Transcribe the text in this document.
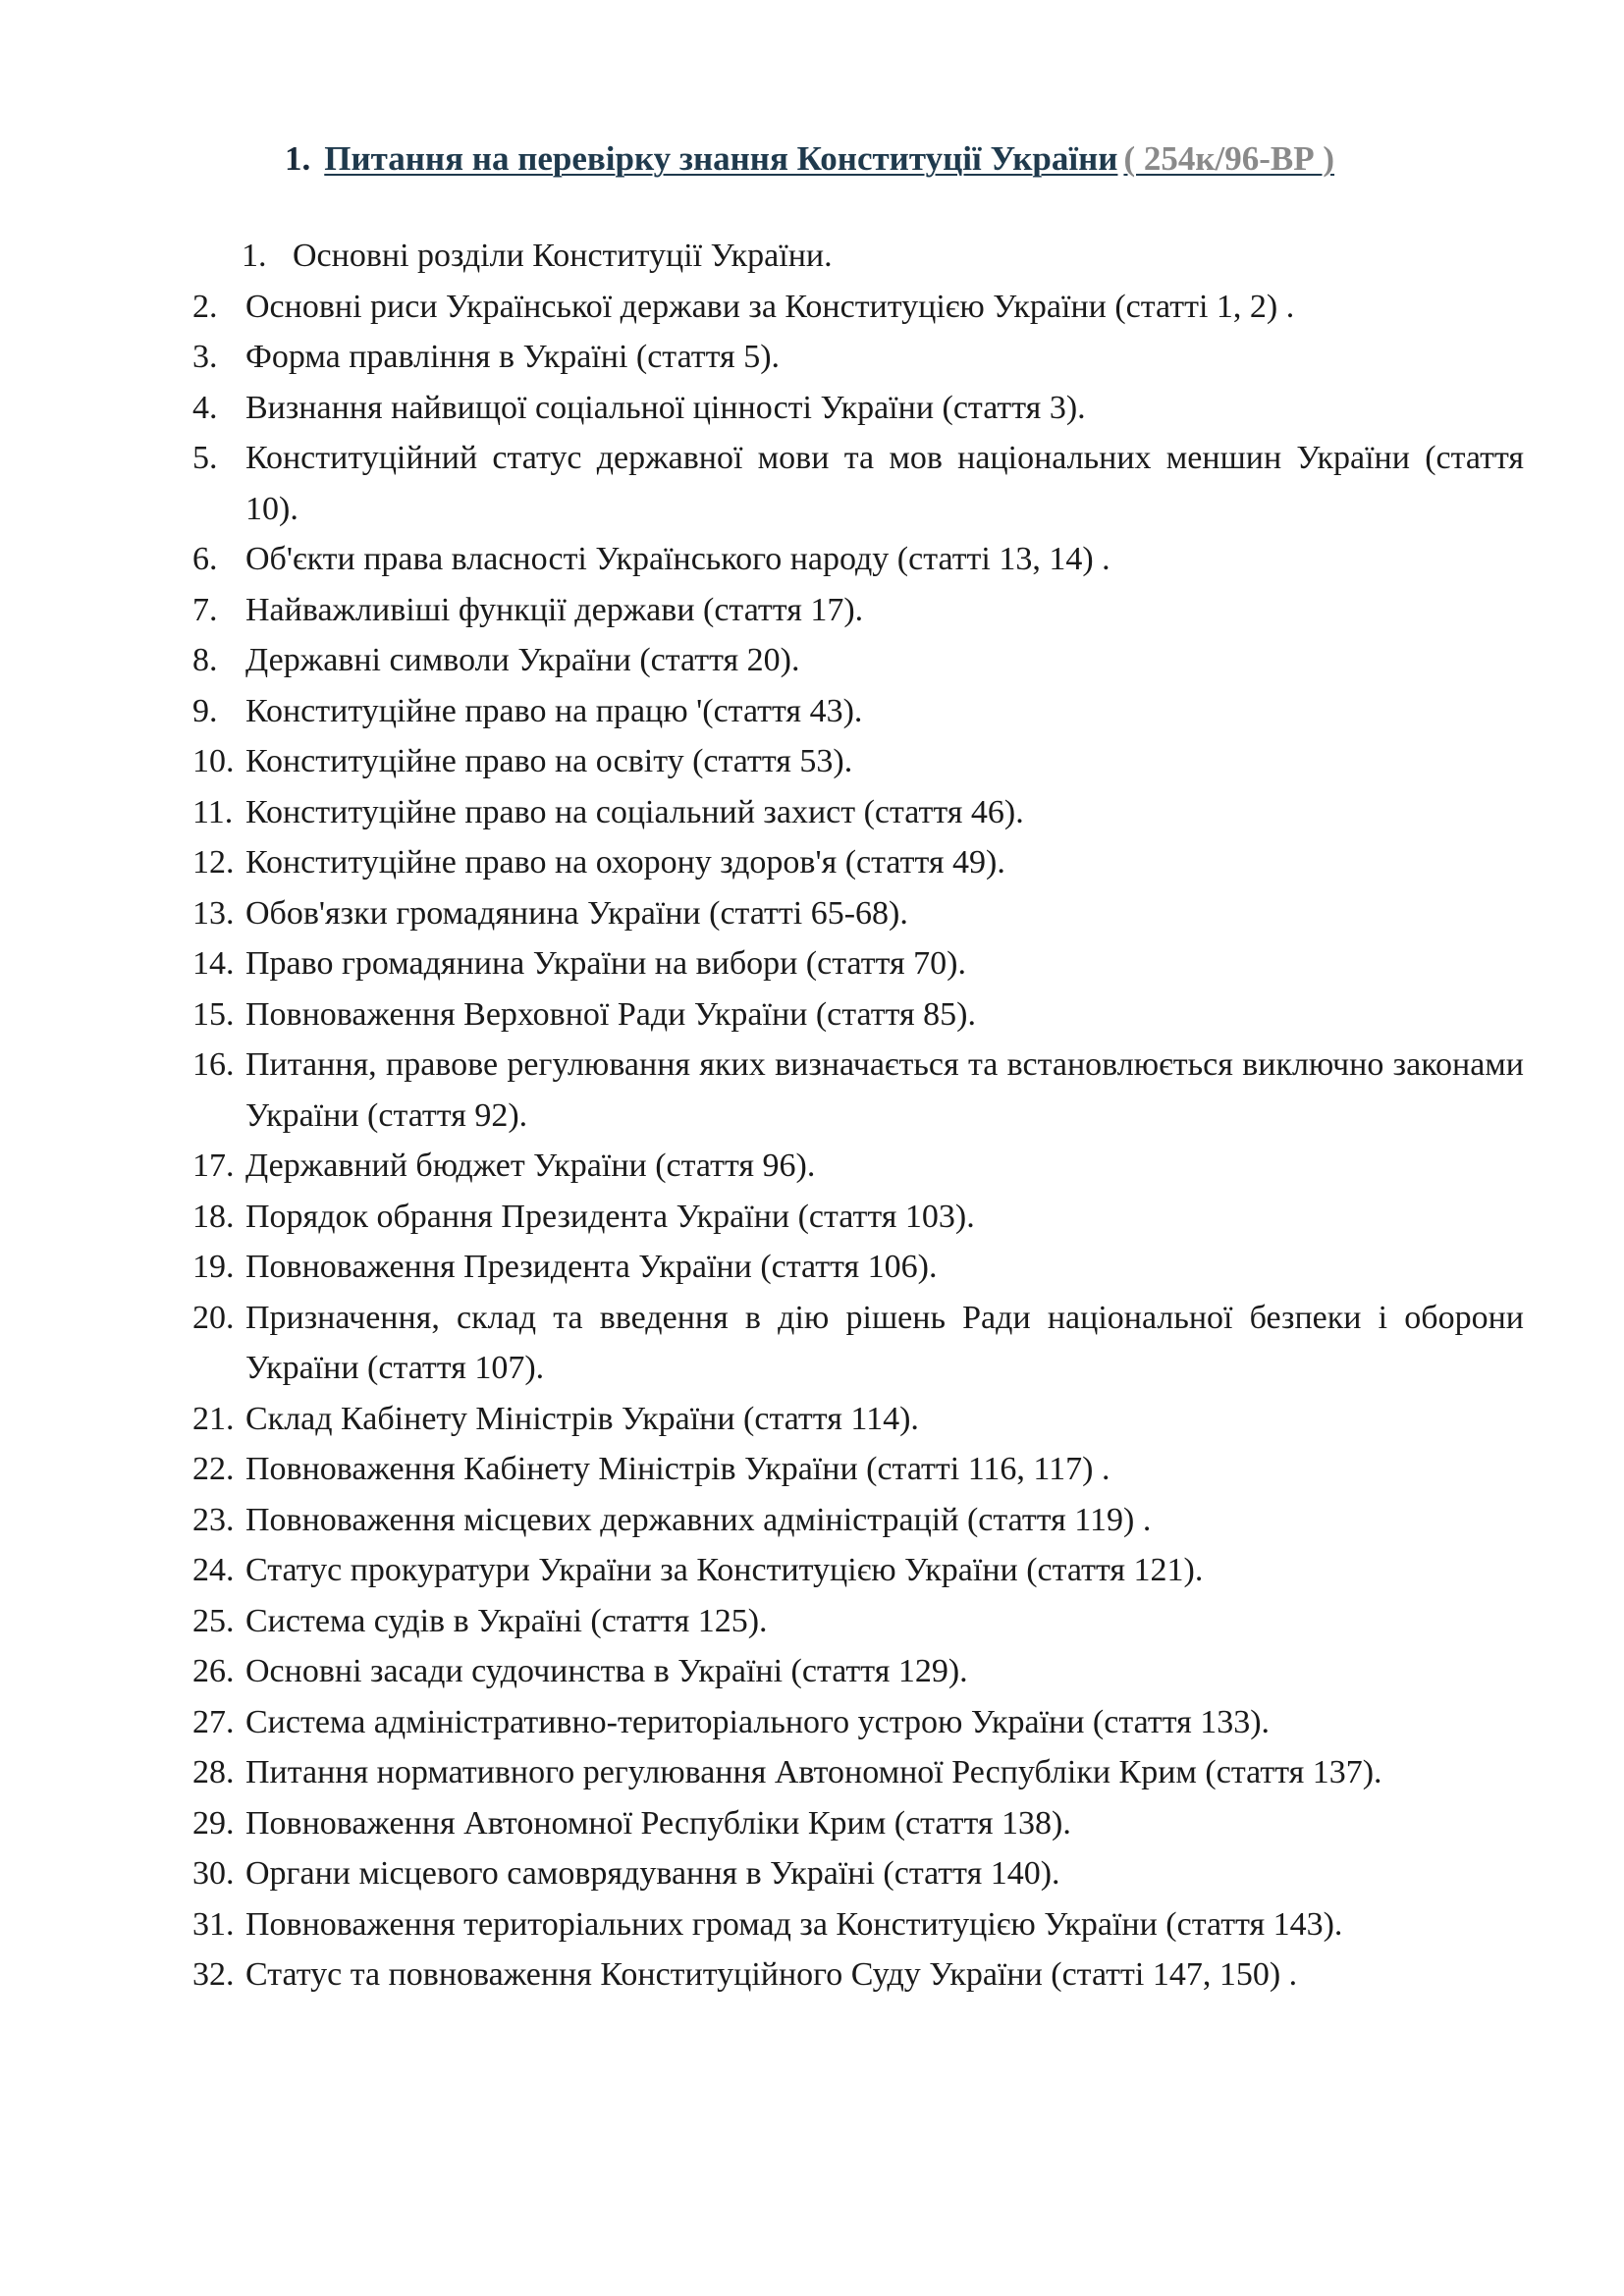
1. Питання на перевірку знання Конституції України ( 254к/96-ВР )
1. Основні розділи Конституції України.
2. Основні риси Української держави за Конституцією України (статті 1, 2) .
3. Форма правління в Україні (стаття 5).
4. Визнання найвищої соціальної цінності України (стаття 3).
5. Конституційний статус державної мови та мов національних меншин України (стаття 10).
6. Об'єкти права власності Українського народу (статті 13, 14) .
7. Найважливіші функції держави (стаття 17).
8. Державні символи України (стаття 20).
9. Конституційне право на працю '(стаття 43).
10. Конституційне право на освіту (стаття 53).
11. Конституційне право на соціальний захист (стаття 46).
12. Конституційне право на охорону здоров'я (стаття 49).
13. Обов'язки громадянина України (статті 65-68).
14. Право громадянина України на вибори (стаття 70).
15. Повноваження Верховної Ради України (стаття 85).
16. Питання, правове регулювання яких визначається та встановлюється виключно законами України (стаття 92).
17. Державний бюджет України (стаття 96).
18. Порядок обрання Президента України (стаття 103).
19. Повноваження Президента України (стаття 106).
20. Призначення, склад та введення в дію рішень Ради національної безпеки і оборони України (стаття 107).
21. Склад Кабінету Міністрів України (стаття 114).
22. Повноваження Кабінету Міністрів України (статті 116, 117) .
23. Повноваження місцевих державних адміністрацій (стаття 119) .
24. Статус прокуратури України за Конституцією України (стаття 121).
25. Система судів в Україні (стаття 125).
26. Основні засади судочинства в Україні (стаття 129).
27. Система адміністративно-територіального устрою України (стаття 133).
28. Питання нормативного регулювання Автономної Республіки Крим (стаття 137).
29. Повноваження Автономної Республіки Крим (стаття 138).
30. Органи місцевого самоврядування в Україні (стаття 140).
31. Повноваження територіальних громад за Конституцією України (стаття 143).
32. Статус та повноваження Конституційного Суду України (статті 147, 150) .
